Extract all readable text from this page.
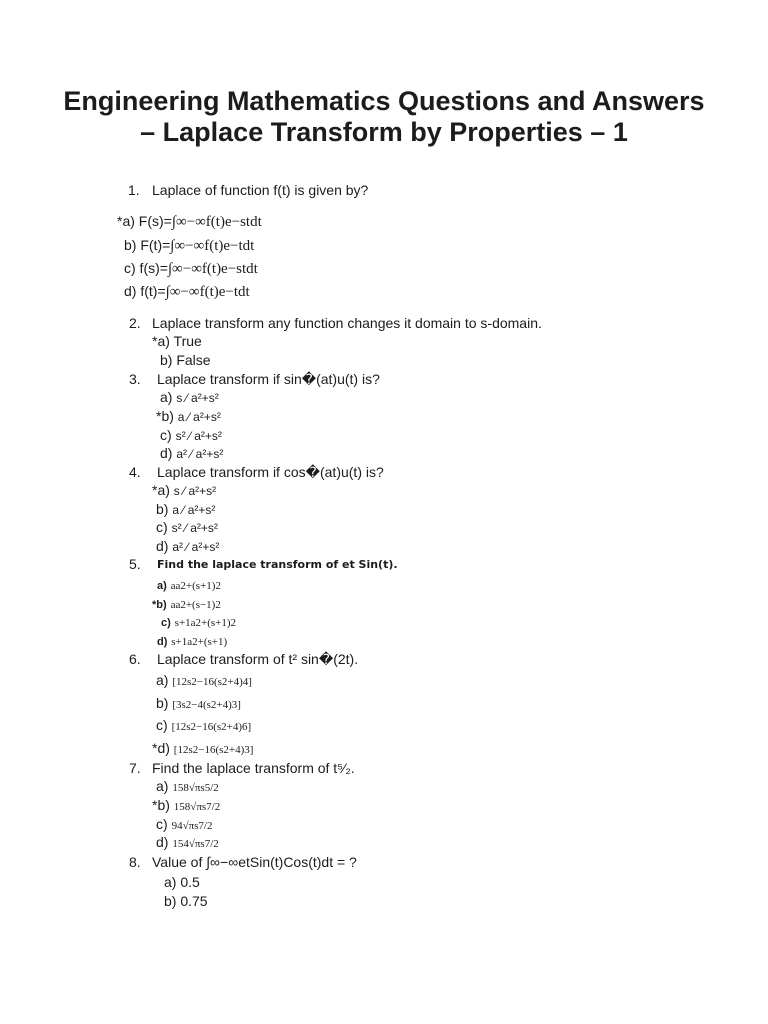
Engineering Mathematics Questions and Answers – Laplace Transform by Properties – 1
1. Laplace of function f(t) is given by?
*a) F(s)=∫∞−∞f(t)e−stdt
b) F(t)=∫∞−∞f(t)e−tdt
c) f(s)=∫∞−∞f(t)e−stdt
d) f(t)=∫∞−∞f(t)e−tdt
2. Laplace transform any function changes it domain to s-domain.
*a) True
b) False
3. Laplace transform if sin�(at)u(t) is?
a) s ⁄ a²+s²
*b) a ⁄ a²+s²
c) s² ⁄ a²+s²
d) a² ⁄ a²+s²
4. Laplace transform if cos�(at)u(t) is?
*a) s ⁄ a²+s²
b) a ⁄ a²+s²
c) s² ⁄ a²+s²
d) a² ⁄ a²+s²
5. Find the laplace transform of et Sin(t).
a) aa2+(s+1)2
*b) aa2+(s−1)2
c) s+1a2+(s+1)2
d) s+1a2+(s+1)
6. Laplace transform of t² sin�(2t).
a) [12s2−16(s2+4)4]
b) [3s2−4(s2+4)3]
c) [12s2−16(s2+4)6]
*d) [12s2−16(s2+4)3]
7. Find the laplace transform of t⁵⁄₂.
a) 158√πs5/2
*b) 158√πs7/2
c) 94√πs7/2
d) 154√πs7/2
8. Value of ∫∞−∞etSin(t)Cos(t)dt = ?
a) 0.5
b) 0.75
